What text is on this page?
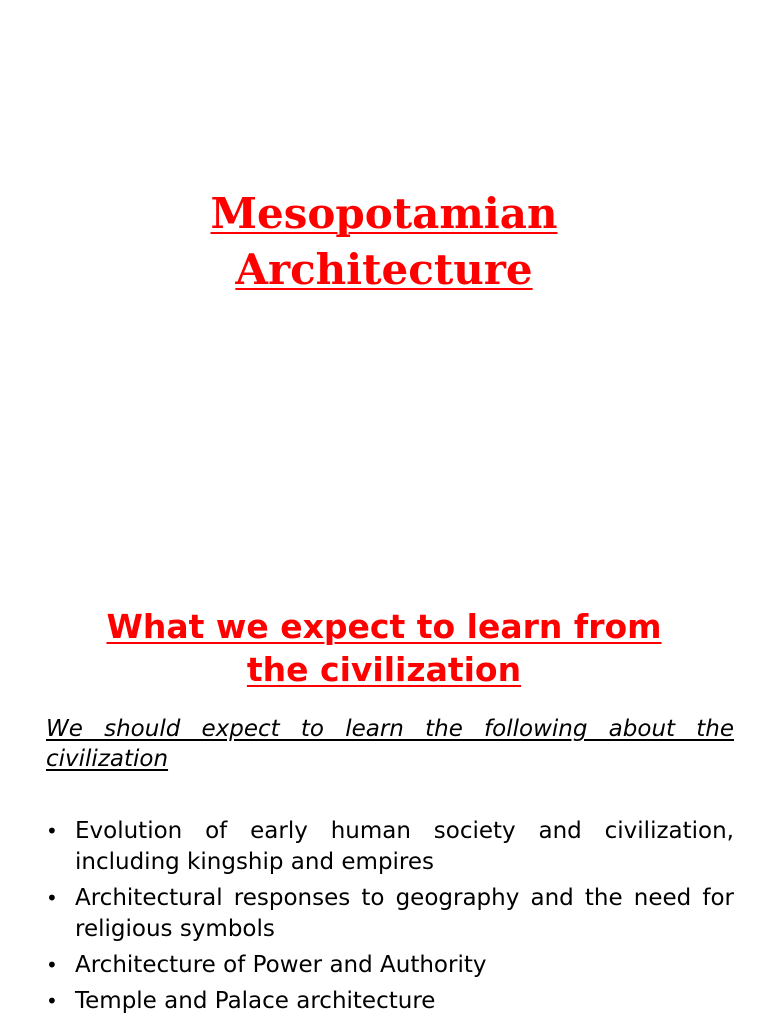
Mesopotamian
Architecture
What we expect to learn from
the civilization

We should expect to learn the following about the civilization

• Evolution of early human society and civilization, including kingship and empires
• Architectural responses to geography and the need for religious symbols
• Architecture of Power and Authority
• Temple and Palace architecture
